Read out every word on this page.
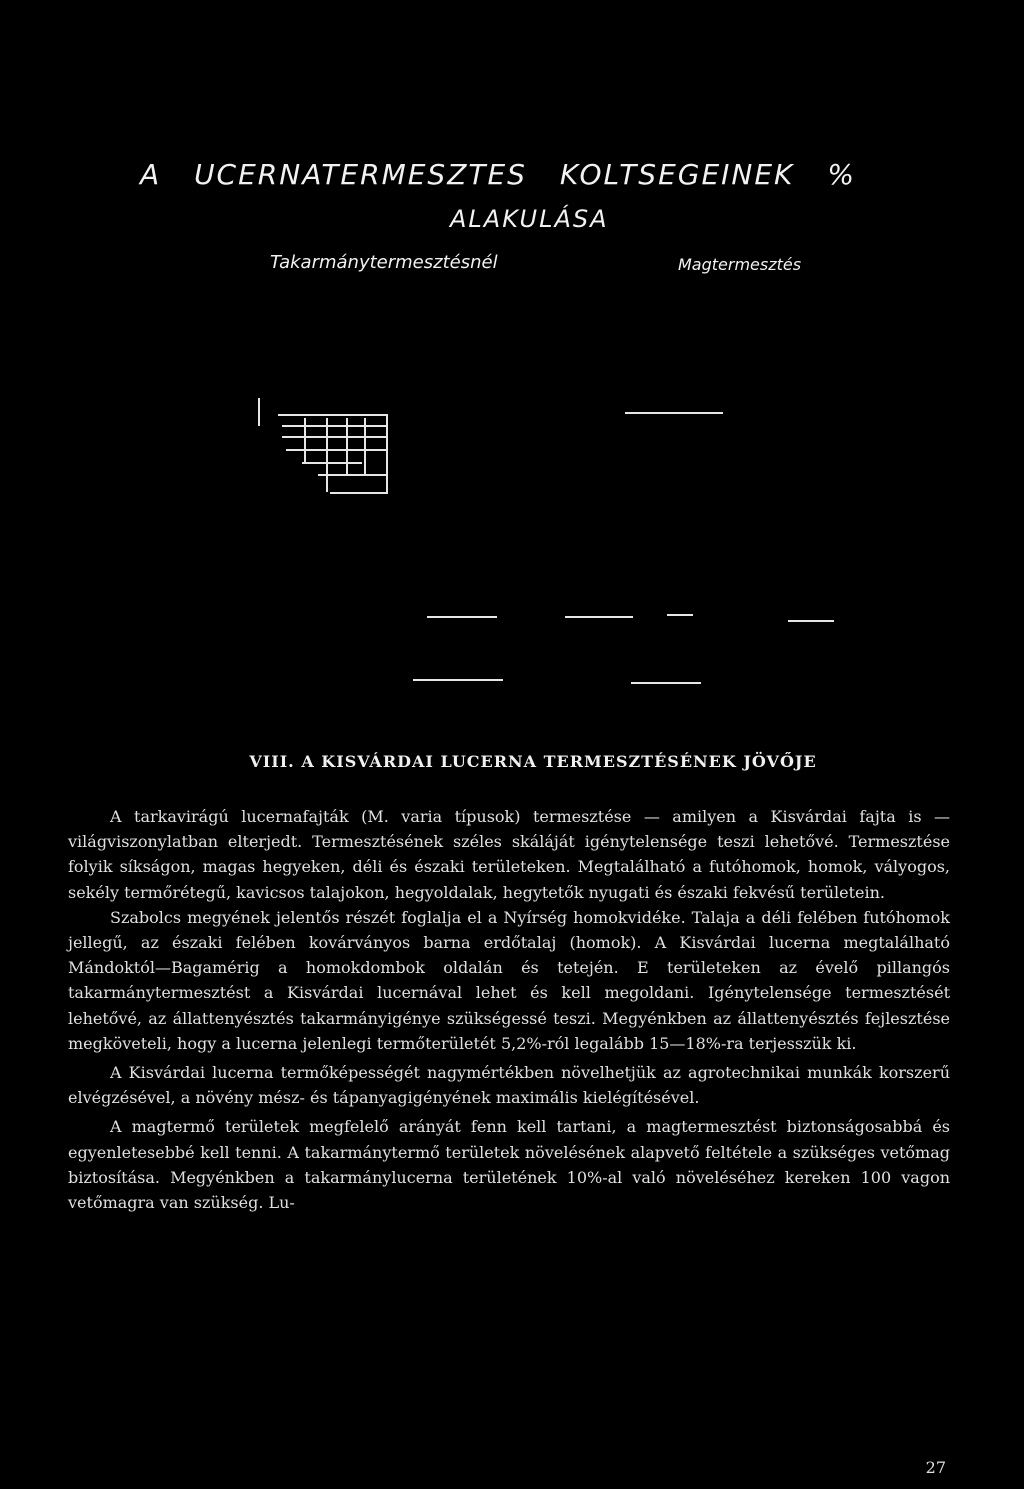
A UCERNATERMESZTES KOLTSEGEINEK %
ALAKULÁSA
Takarmánytermesztésnél	Magtermesztés
VIII. A KISVÁRDAI LUCERNA TERMESZTÉSÉNEK JÖVŐJE

A tarkavirágú lucernafajták (M. varia típusok) termesztése — amilyen a Kisvárdai fajta is — világviszonylatban elterjedt. Termesztésének széles skáláját igénytelensége teszi lehetővé. Termesztése folyik síkságon, magas hegyeken, déli és északi területeken. Megtalálható a futóhomok, homok, vályogos, sekély termőrétegű, kavicsos talajokon, hegyoldalak, hegytetők nyugati és északi fekvésű területein.

Szabolcs megyének jelentős részét foglalja el a Nyírség homokvidéke. Talaja a déli felében futóhomok jellegű, az északi felében kovárványos barna erdőtalaj (homok). A Kisvárdai lucerna megtalálható Mándoktól—Bagamérig a homokdombok oldalán és tetején. E területeken az évelő pillangós takarmánytermesztést a Kisvárdai lucernával lehet és kell megoldani. Igénytelensége termesztését lehetővé, az állattenyésztés takarmányigénye szükségessé teszi. Megyénkben az állattenyésztés fejlesztése megköveteli, hogy a lucerna jelenlegi termőterületét 5,2%-ról legalább 15—18%-ra terjesszük ki.

A Kisvárdai lucerna termőképességét nagymértékben növelhetjük az agrotechnikai munkák korszerű elvégzésével, a növény mész- és tápanyagigényének maximális kielégítésével.

A magtermő területek megfelelő arányát fenn kell tartani, a magtermesztést biztonságosabbá és egyenletesebbé kell tenni. A takarmánytermő területek növelésének alapvető feltétele a szükséges vetőmag biztosítása. Megyénkben a takarmánylucerna területének 10%-al való növeléséhez kereken 100 vagon vetőmagra van szükség. Lu-

27
